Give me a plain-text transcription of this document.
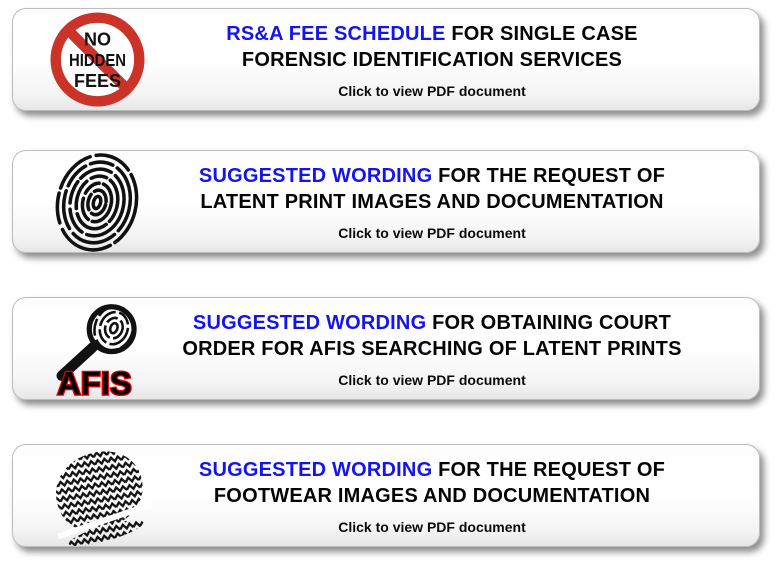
NO
HIDDEN
FEES
RS&A FEE SCHEDULE FOR SINGLE CASE
FORENSIC IDENTIFICATION SERVICES
Click to view PDF document
SUGGESTED WORDING FOR THE REQUEST OF
LATENT PRINT IMAGES AND DOCUMENTATION
Click to view PDF document
AFIS
SUGGESTED WORDING FOR OBTAINING COURT
ORDER FOR AFIS SEARCHING OF LATENT PRINTS
Click to view PDF document
SUGGESTED WORDING FOR THE REQUEST OF
FOOTWEAR IMAGES AND DOCUMENTATION
Click to view PDF document
